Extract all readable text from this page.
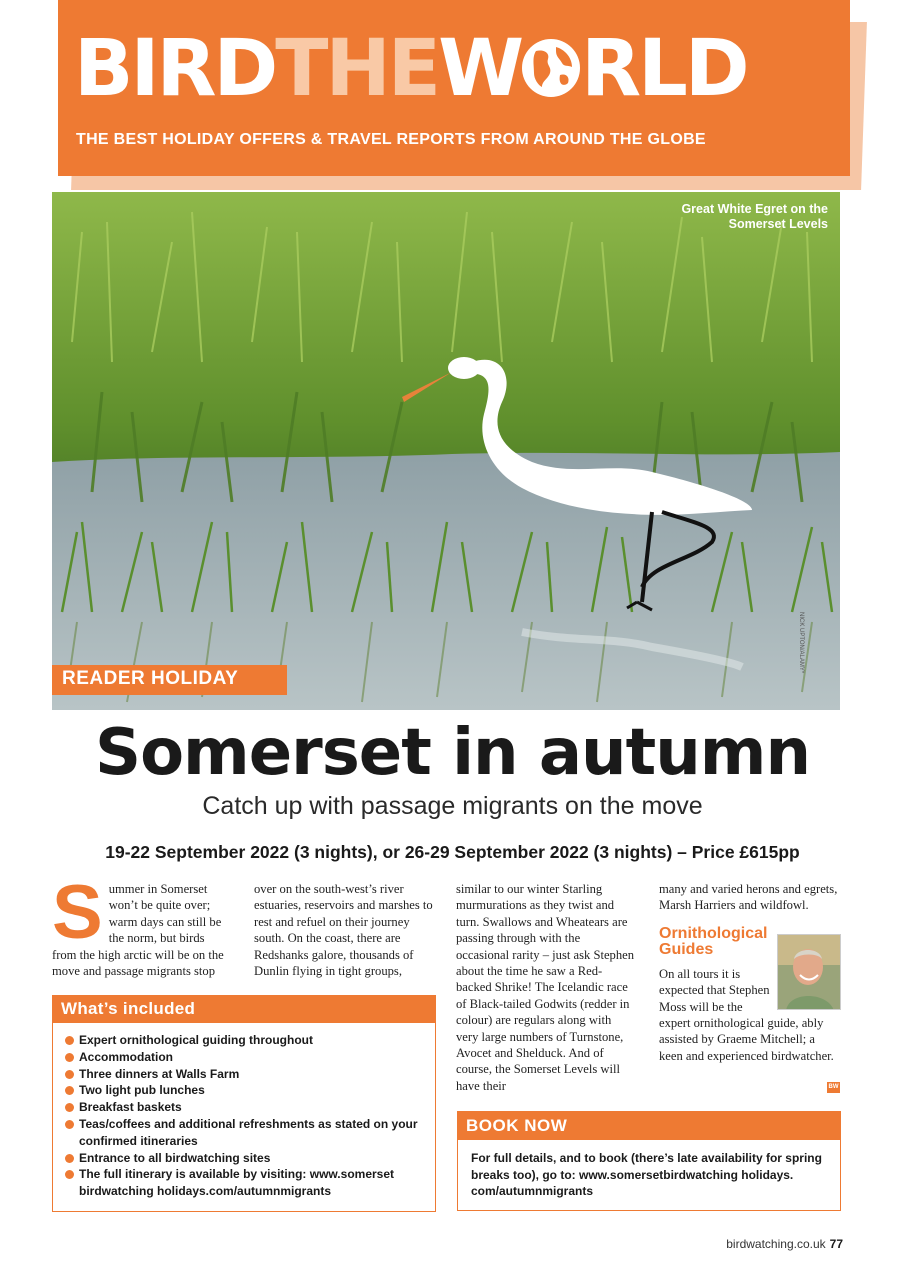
BIRDTHEW RLD
THE BEST HOLIDAY OFFERS & TRAVEL REPORTS FROM AROUND THE GLOBE
Great White Egret on the Somerset Levels
NICK UPTON/ALAMY*
READER HOLIDAY
Somerset in autumn
Catch up with passage migrants on the move
19-22 September 2022 (3 nights), or 26-29 September 2022 (3 nights) – Price £615pp
Summer in Somerset won’t be quite over; warm days can still be the norm, but birds from the high arctic will be on the move and passage migrants stop
over on the south-west’s river estuaries, reservoirs and marshes to rest and refuel on their journey south. On the coast, there are Redshanks galore, thousands of Dunlin flying in tight groups,
similar to our winter Starling murmurations as they twist and turn. Swallows and Wheatears are passing through with the occasional rarity – just ask Stephen about the time he saw a Red-backed Shrike! The Icelandic race of Black-tailed Godwits (redder in colour) are regulars along with very large numbers of Turnstone, Avocet and Shelduck. And of course, the Somerset Levels will have their
many and varied herons and egrets, Marsh Harriers and wildfowl.
Ornithological Guides
On all tours it is expected that Stephen Moss will be the expert ornithological guide, ably assisted by Graeme Mitchell; a keen and experienced birdwatcher.
BW
What’s included
Expert ornithological guiding throughout
Accommodation
Three dinners at Walls Farm
Two light pub lunches
Breakfast baskets
Teas/coffees and additional refreshments as stated on your confirmed itineraries
Entrance to all birdwatching sites
The full itinerary is available by visiting: www.somerset birdwatching holidays.com/autumnmigrants
BOOK NOW
For full details, and to book (there’s late availability for spring breaks too), go to: www.somersetbirdwatching holidays. com/autumnmigrants
birdwatching.co.uk 77
